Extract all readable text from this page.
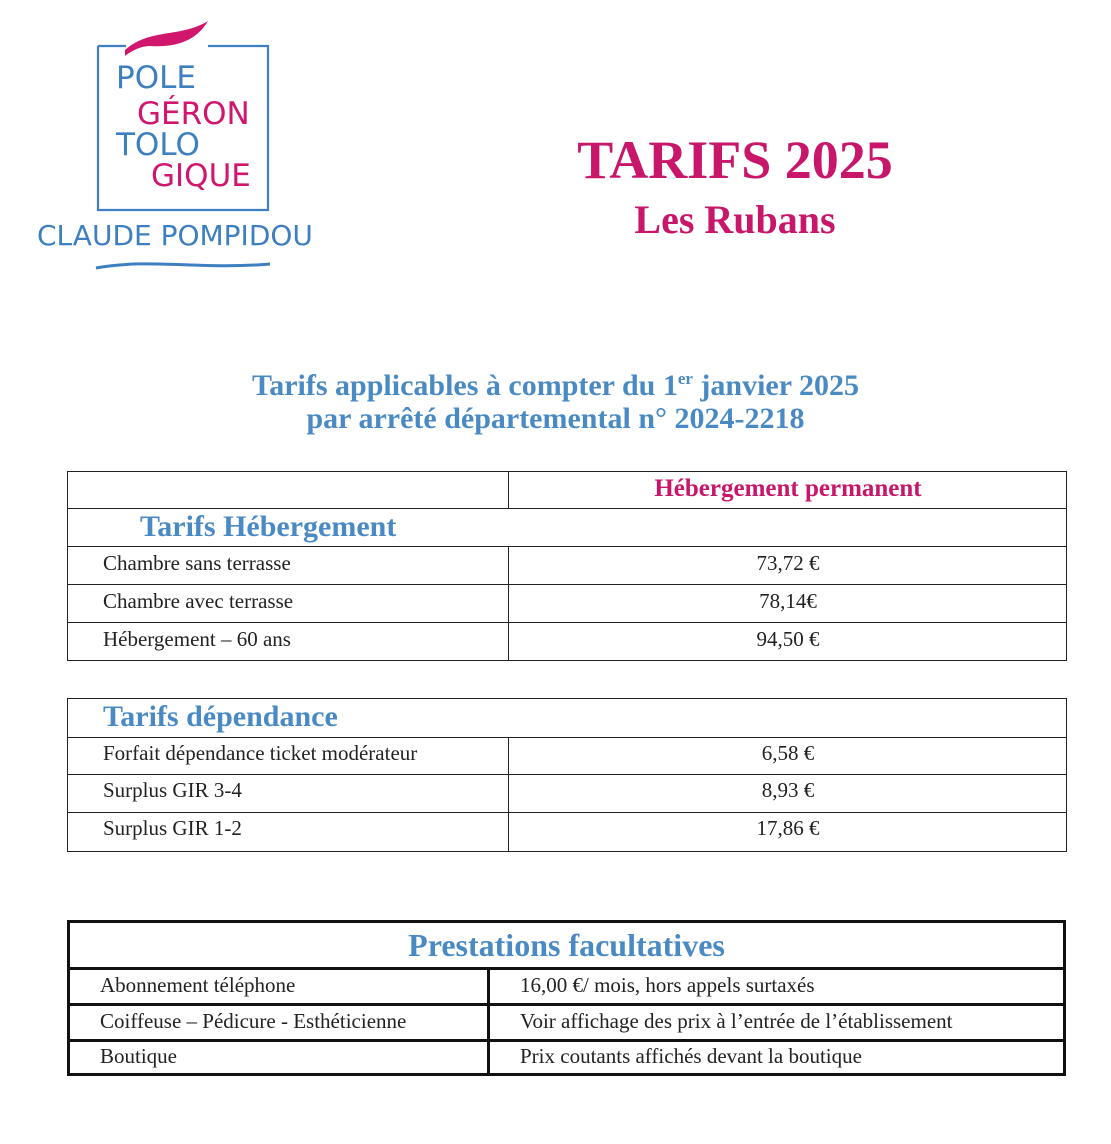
POLE
GÉRON
TOLO
GIQUE
CLAUDE POMPIDOU
TARIFS 2025
Les Rubans
Tarifs applicables à compter du 1er janvier 2025
par arrêté départemental n° 2024-2218
Hébergement permanent
Tarifs Hébergement
Chambre sans terrasse	73,72 €
Chambre avec terrasse	78,14€
Hébergement – 60 ans	94,50 €
Tarifs dépendance
Forfait dépendance ticket modérateur	6,58 €
Surplus GIR 3-4	8,93 €
Surplus GIR 1-2	17,86 €
Prestations facultatives
Abonnement téléphone	16,00 €/ mois, hors appels surtaxés
Coiffeuse – Pédicure - Esthéticienne	Voir affichage des prix à l’entrée de l’établissement
Boutique	Prix coutants affichés devant la boutique
